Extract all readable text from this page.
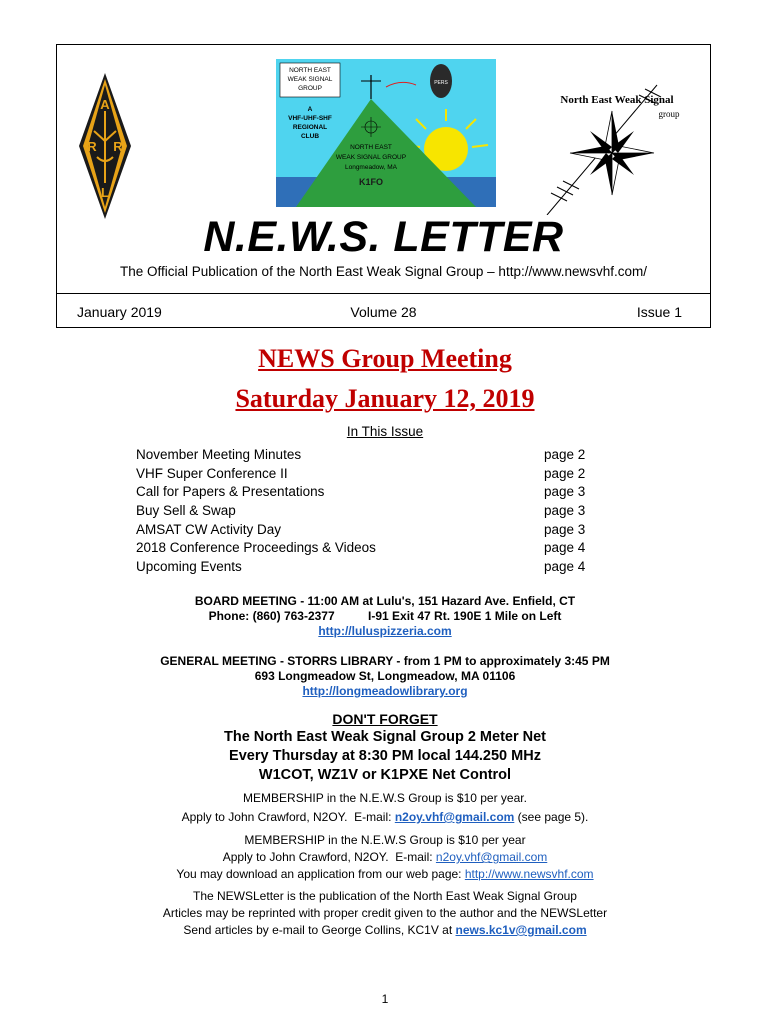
A
R R
L
NORTH EAST
WEAK SIGNAL
GROUP
A
VHF-UHF-SHF
REGIONAL
CLUB
PERS
NORTH EAST
WEAK SIGNAL GROUP
Longmeadow, MA
K1FO
North East Weak Signal
group
N.E.W.S. LETTER
The Official Publication of the North East Weak Signal Group – http://www.newsvhf.com/
January 2019	Volume 28	Issue 1
NEWS Group Meeting
Saturday January 12, 2019
In This Issue
November Meeting Minutes	page 2
VHF Super Conference II	page 2
Call for Papers & Presentations	page 3
Buy Sell & Swap	page 3
AMSAT CW Activity Day	page 3
2018 Conference Proceedings & Videos	page 4
Upcoming Events	page 4
BOARD MEETING - 11:00 AM at Lulu's, 151 Hazard Ave. Enfield, CT
Phone: (860) 763-2377	I-91 Exit 47 Rt. 190E 1 Mile on Left
http://luluspizzeria.com
GENERAL MEETING - STORRS LIBRARY - from 1 PM to approximately 3:45 PM
693 Longmeadow St, Longmeadow, MA 01106
http://longmeadowlibrary.org
DON'T FORGET
The North East Weak Signal Group 2 Meter Net
Every Thursday at 8:30 PM local 144.250 MHz
W1COT, WZ1V or K1PXE Net Control
MEMBERSHIP in the N.E.W.S Group is $10 per year.
Apply to John Crawford, N2OY.  E-mail: n2oy.vhf@gmail.com (see page 5).
MEMBERSHIP in the N.E.W.S Group is $10 per year
Apply to John Crawford, N2OY.  E-mail: n2oy.vhf@gmail.com
You may download an application from our web page: http://www.newsvhf.com
The NEWSLetter is the publication of the North East Weak Signal Group
Articles may be reprinted with proper credit given to the author and the NEWSLetter
Send articles by e-mail to George Collins, KC1V at news.kc1v@gmail.com
1
